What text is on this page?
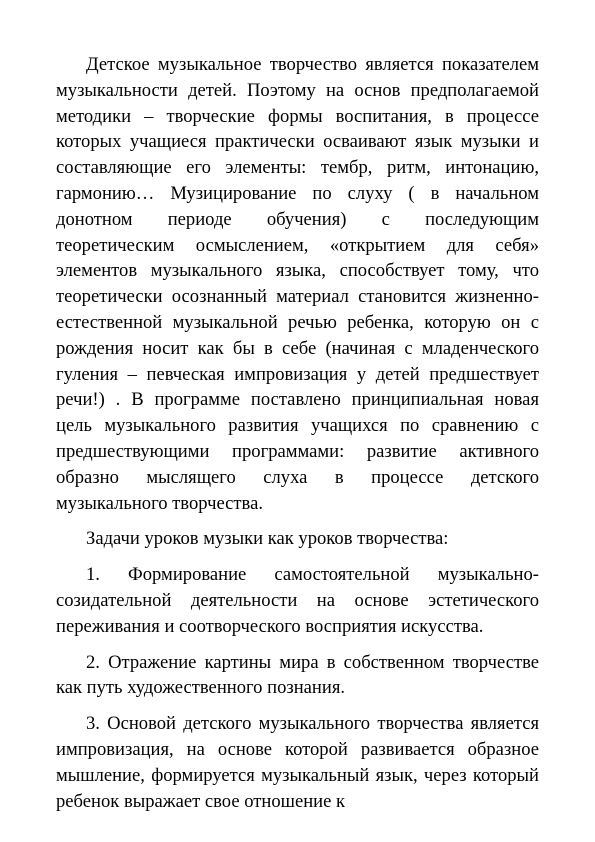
Детское музыкальное творчество является показателем музыкальности детей. Поэтому на основ предполагаемой методики – творческие формы воспитания, в процессе которых учащиеся практически осваивают язык музыки и составляющие его элементы: тембр, ритм, интонацию, гармонию… Музицирование по слуху ( в начальном донотном периоде обучения) с последующим теоретическим осмыслением, «открытием для себя» элементов музыкального языка, способствует тому, что теоретически осознанный материал становится жизненно-естественной музыкальной речью ребенка, которую он с рождения носит как бы в себе (начиная с младенческого гуления – певческая импровизация у детей предшествует речи!) . В программе поставлено принципиальная новая цель музыкального развития учащихся по сравнению с предшествующими программами: развитие активного образно мыслящего слуха в процессе детского музыкального творчества.

Задачи уроков музыки как уроков творчества:

1. Формирование самостоятельной музыкально-созидательной деятельности на основе эстетического переживания и соотворческого восприятия искусства.

2. Отражение картины мира в собственном творчестве как путь художественного познания.

3. Основой детского музыкального творчества является импровизация, на основе которой развивается образное мышление, формируется музыкальный язык, через который ребенок выражает свое отношение к
